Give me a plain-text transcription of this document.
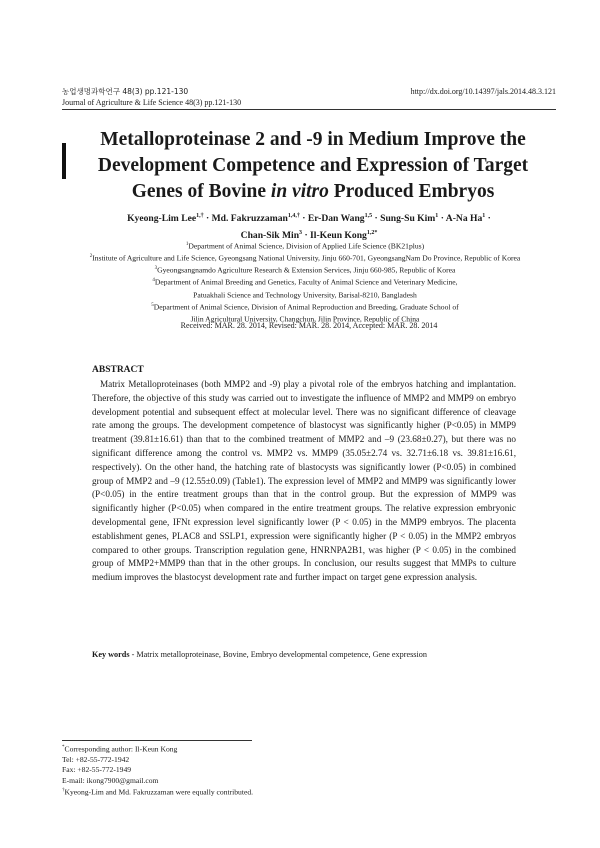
농업생명과학연구 48(3) pp.121-130	http://dx.doi.org/10.14397/jals.2014.48.3.121
Journal of Agriculture & Life Science 48(3) pp.121-130
Metalloproteinase 2 and -9 in Medium Improve the
Development Competence and Expression of Target
Genes of Bovine in vitro Produced Embryos
Kyeong-Lim Lee$^{1,\dagger}$ · Md. Fakruzzaman$^{1,4,\dagger}$ · Er-Dan Wang$^{1,5}$ · Sung-Su Kim$^1$ · A-Na $Ha^1$ ·
Chan-Sik Min$^3$ · Il-Keun Kong$^{1,2*}$
$^1$Department of Animal Science, Division of Applied Life Science (BK21plus)
$^2$Institute of Agriculture and Life Science, Gyeongsang National University, Jinju 660-701, GyeongsangNam Do Province, Republic of Korea
$^3$Gyeongsangnamdo Agriculture Research & Extension Services, Jinju 660-985, Republic of Korea
$^4$Department of Animal Breeding and Genetics, Faculty of Animal Science and Veterinary Medicine,
Patuakhali Science and Technology University, Barisal-8210, Bangladesh
$^5$Department of Animal Science, Division of Animal Reproduction and Breeding, Graduate School of
Jilin Agricultural University, Changchun, Jilin Province, Republic of China
Received: MAR. 28. 2014, Revised: MAR. 28. 2014, Accepted: MAR. 28. 2014
ABSTRACT

Matrix Metalloproteinases (both MMP2 and -9) play a pivotal role of the embryos hatching and implantation. Therefore, the objective of this study was carried out to investigate the influence of MMP2 and MMP9 on embryo development potential and subsequent effect at molecular level. There was no significant difference of cleavage rate among the groups. The development competence of blastocyst was significantly higher (P<0.05) in MMP9 treatment (39.81±16.61) than that to the combined treatment of MMP2 and –9 (23.68±0.27), but there was no significant difference among the control vs. MMP2 vs. MMP9 (35.05±2.74 vs. 32.71±6.18 vs. 39.81±16.61, respectively). On the other hand, the hatching rate of blastocysts was significantly lower (P<0.05) in combined group of MMP2 and –9 (12.55±0.09) (Table1). The expression level of MMP2 and MMP9 was significantly lower (P<0.05) in the entire treatment groups than that in the control group. But the expression of MMP9 was significantly higher (P<0.05) when compared in the entire treatment groups. The relative expression embryonic developmental gene, IFNt expression level significantly lower (P < 0.05) in the MMP9 embryos. The placenta establishment genes, PLAC8 and SSLP1, expression were significantly higher (P < 0.05) in the MMP2 embryos compared to other groups. Transcription regulation gene, HNRNPA2B1, was higher (P < 0.05) in the combined group of MMP2+MMP9 than that in the other groups. In conclusion, our results suggest that MMPs to culture medium improves the blastocyst development rate and further impact on target gene expression analysis.

Key words - Matrix metalloproteinase, Bovine, Embryo developmental competence, Gene expression
*Corresponding author: Il-Keun Kong
Tel: +82-55-772-1942
Fax: +82-55-772-1949
E-mail: ikong7900@gmail.com
†Kyeong-Lim and Md. Fakruzzaman were equally contributed.
